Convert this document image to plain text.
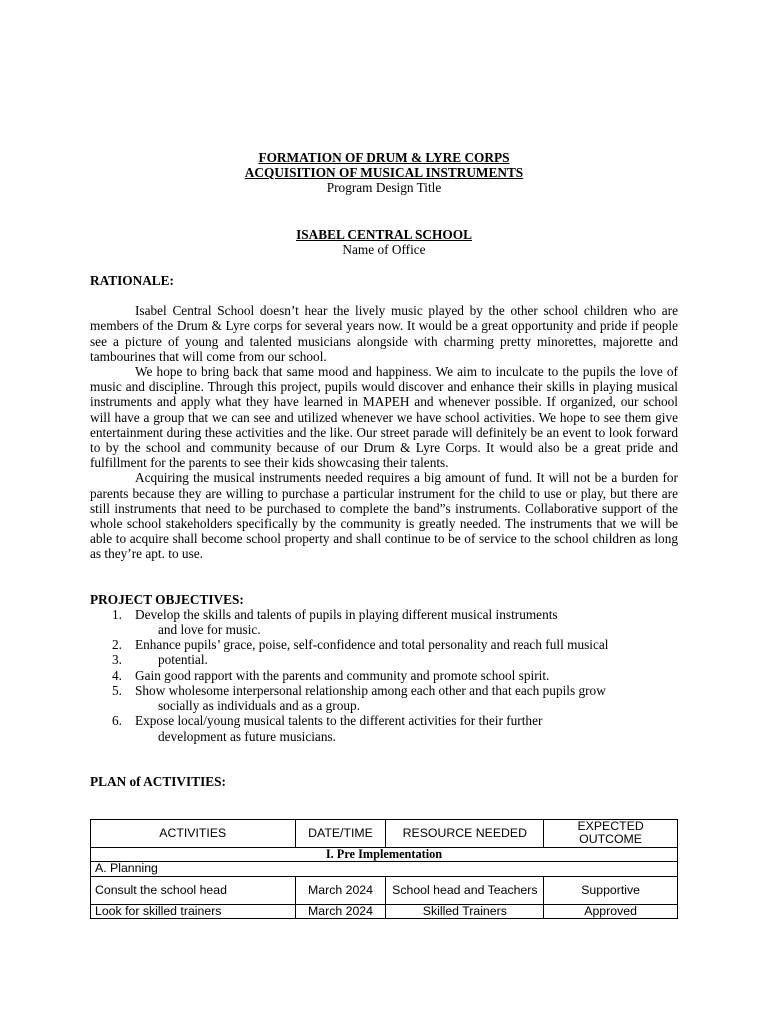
FORMATION OF DRUM & LYRE CORPS
ACQUISITION OF MUSICAL INSTRUMENTS
Program Design Title
ISABEL CENTRAL SCHOOL
Name of Office
RATIONALE:
Isabel Central School doesn’t hear the lively music played by the other school children who are members of the Drum & Lyre corps for several years now. It would be a great opportunity and pride if people see a picture of young and talented musicians alongside with charming pretty minorettes, majorette and tambourines that will come from our school.
We hope to bring back that same mood and happiness. We aim to inculcate to the pupils the love of music and discipline. Through this project, pupils would discover and enhance their skills in playing musical instruments and apply what they have learned in MAPEH and whenever possible. If organized, our school will have a group that we can see and utilized whenever we have school activities. We hope to see them give entertainment during these activities and the like. Our street parade will definitely be an event to look forward to by the school and community because of our Drum & Lyre Corps. It would also be a great pride and fulfillment for the parents to see their kids showcasing their talents.
Acquiring the musical instruments needed requires a big amount of fund. It will not be a burden for parents because they are willing to purchase a particular instrument for the child to use or play, but there are still instruments that need to be purchased to complete the band”s instruments. Collaborative support of the whole school stakeholders specifically by the community is greatly needed. The instruments that we will be able to acquire shall become school property and shall continue to be of service to the school children as long as they’re apt. to use.
PROJECT OBJECTIVES:
1. Develop the skills and talents of pupils in playing different musical instruments
and love for music.
2. Enhance pupils’ grace, poise, self-confidence and total personality and reach full musical
3.	potential.
4. Gain good rapport with the parents and community and promote school spirit.
5. Show wholesome interpersonal relationship among each other and that each pupils grow
socially as individuals and as a group.
6. Expose local/young musical talents to the different activities for their further
development as future musicians.
PLAN of ACTIVITIES:
ACTIVITIES	DATE/TIME	RESOURCE NEEDED	EXPECTED OUTCOME
I. Pre Implementation			
A. Planning			
Consult the school head	March 2024	School head and Teachers	Supportive
Look for skilled trainers	March 2024	Skilled Trainers	Approved
